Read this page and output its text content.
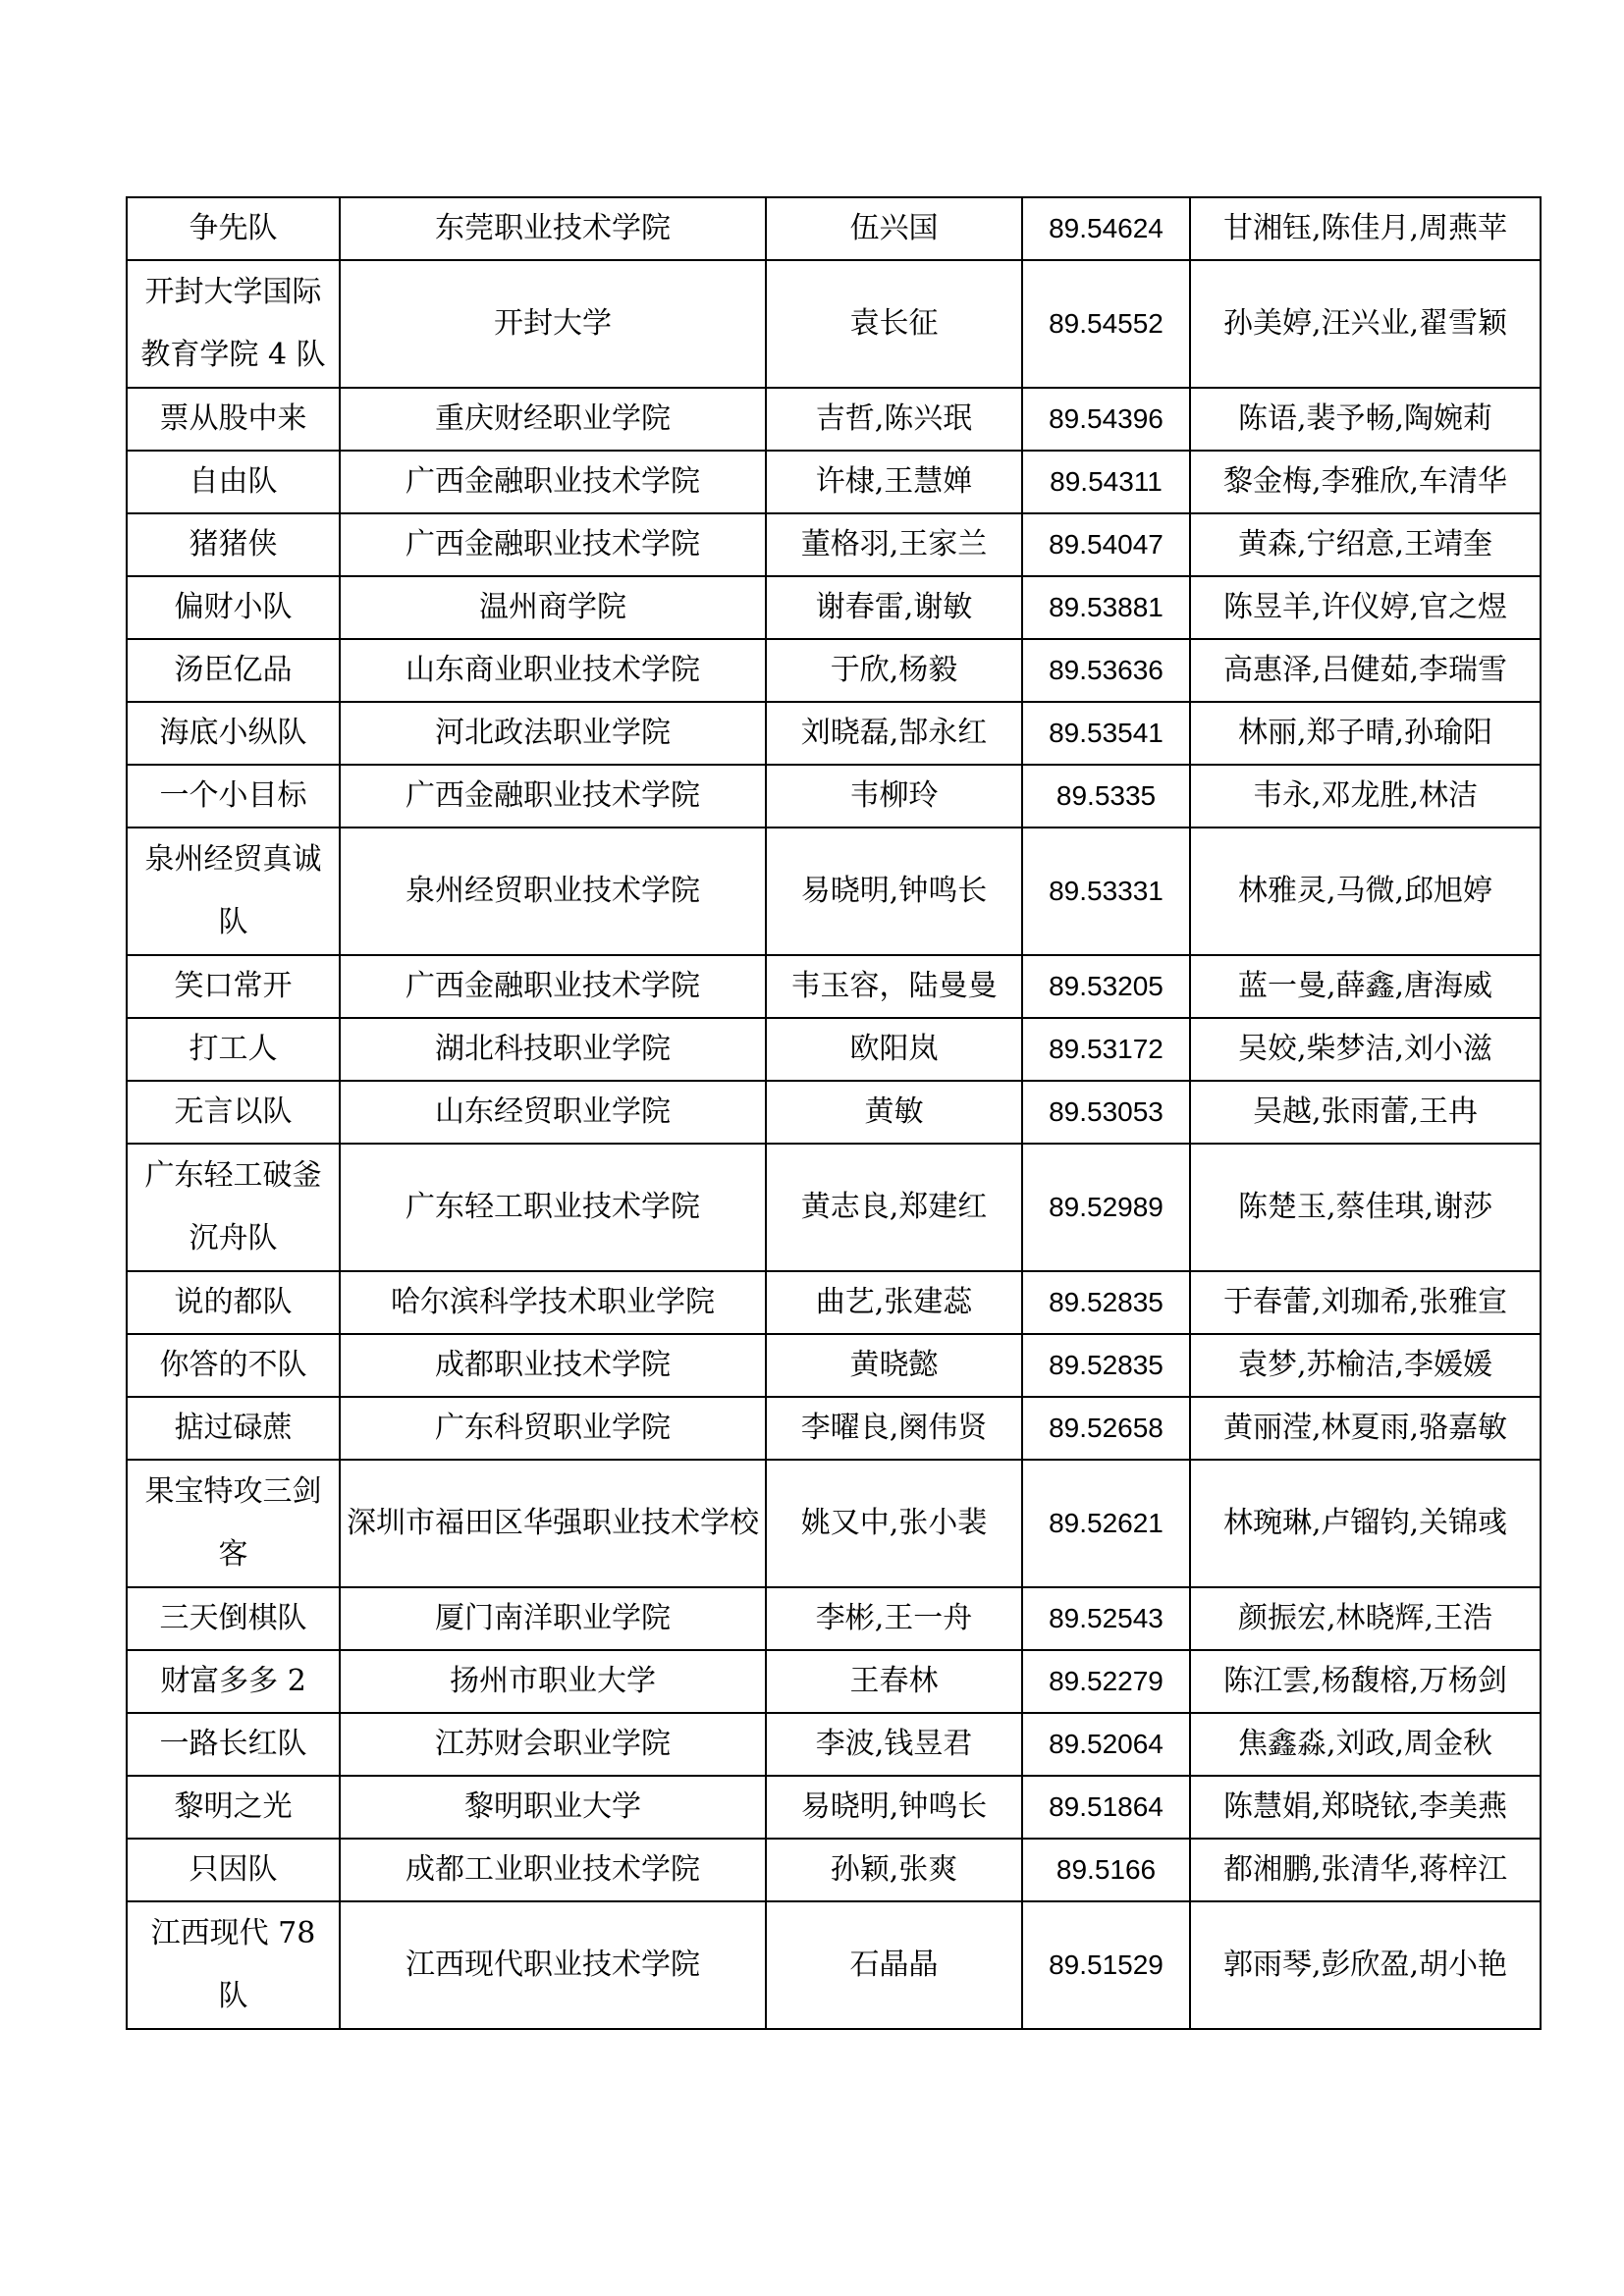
争先队	东莞职业技术学院	伍兴国	89.54624	甘湘钰,陈佳月,周燕苹
开封大学国际教育学院 4 队	开封大学	袁长征	89.54552	孙美婷,汪兴业,翟雪颖
票从股中来	重庆财经职业学院	吉哲,陈兴珉	89.54396	陈语,裴予畅,陶婉莉
自由队	广西金融职业技术学院	许棣,王慧婵	89.54311	黎金梅,李雅欣,车清华
猪猪侠	广西金融职业技术学院	董格羽,王家兰	89.54047	黄森,宁绍意,王靖奎
偏财小队	温州商学院	谢春雷,谢敏	89.53881	陈昱羊,许仪婷,官之煜
汤臣亿品	山东商业职业技术学院	于欣,杨毅	89.53636	高惠泽,吕健茹,李瑞雪
海底小纵队	河北政法职业学院	刘晓磊,郜永红	89.53541	林丽,郑子晴,孙瑜阳
一个小目标	广西金融职业技术学院	韦柳玲	89.5335	韦永,邓龙胜,林洁
泉州经贸真诚队	泉州经贸职业技术学院	易晓明,钟鸣长	89.53331	林雅灵,马微,邱旭婷
笑口常开	广西金融职业技术学院	韦玉容，陆曼曼	89.53205	蓝一曼,薛鑫,唐海威
打工人	湖北科技职业学院	欧阳岚	89.53172	吴姣,柴梦洁,刘小滋
无言以队	山东经贸职业学院	黄敏	89.53053	吴越,张雨蕾,王冉
广东轻工破釜沉舟队	广东轻工职业技术学院	黄志良,郑建红	89.52989	陈楚玉,蔡佳琪,谢莎
说的都队	哈尔滨科学技术职业学院	曲艺,张建蕊	89.52835	于春蕾,刘珈希,张雅宣
你答的不队	成都职业技术学院	黄晓懿	89.52835	袁梦,苏榆洁,李媛媛
掂过碌蔗	广东科贸职业学院	李曜良,阕伟贤	89.52658	黄丽滢,林夏雨,骆嘉敏
果宝特攻三剑客	深圳市福田区华强职业技术学校	姚又中,张小裴	89.52621	林琬琳,卢镏钧,关锦彧
三天倒棋队	厦门南洋职业学院	李彬,王一舟	89.52543	颜振宏,林晓辉,王浩
财富多多 2	扬州市职业大学	王春林	89.52279	陈江雲,杨馥榕,万杨剑
一路长红队	江苏财会职业学院	李波,钱昱君	89.52064	焦鑫淼,刘政,周金秋
黎明之光	黎明职业大学	易晓明,钟鸣长	89.51864	陈慧娟,郑晓铱,李美燕
只因队	成都工业职业技术学院	孙颖,张爽	89.5166	都湘鹏,张清华,蒋梓江
江西现代 78 队	江西现代职业技术学院	石晶晶	89.51529	郭雨琴,彭欣盈,胡小艳
